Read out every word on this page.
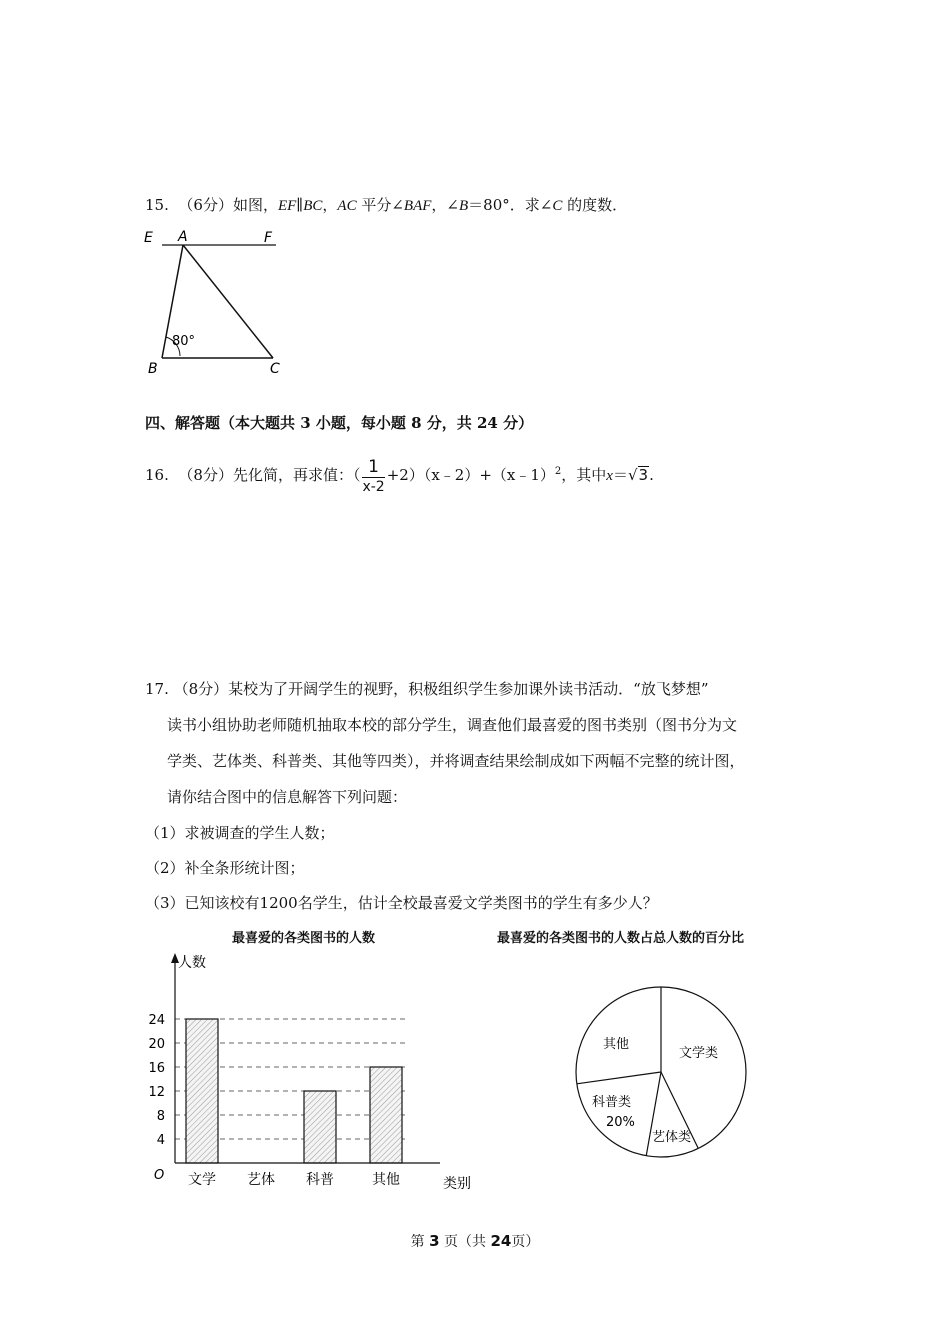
15. （6分）如图，EF∥BC，AC 平分∠BAF，∠B＝80°．求∠C 的度数．
E A	F
B	C
80°
四、解答题（本大题共 3 小题，每小题 8 分，共 24 分）
16. （8分）先化简，再求值：（ $\frac{1}{x-2}$ +2）（x﹣2）+（x﹣1）$^2$，其中x＝√3.
17. （8分）某校为了开阔学生的视野，积极组织学生参加课外读书活动．“放飞梦想”
读书小组协助老师随机抽取本校的部分学生，调查他们最喜爱的图书类别（图书分为文
学类、艺体类、科普类、其他等四类），并将调查结果绘制成如下两幅不完整的统计图，
请你结合图中的信息解答下列问题：
（1）求被调查的学生人数；
（2）补全条形统计图；
（3）已知该校有1200名学生，估计全校最喜爱文学类图书的学生有多少人？
最喜爱的各类图书的人数	最喜爱的各类图书的人数占总人数的百分比
4
8
12
16
20
24
文学 艺体 科普	其他
人数
类别
O
文学类
艺体类
科普类
20%
其他
第 3 页（共 24页）
